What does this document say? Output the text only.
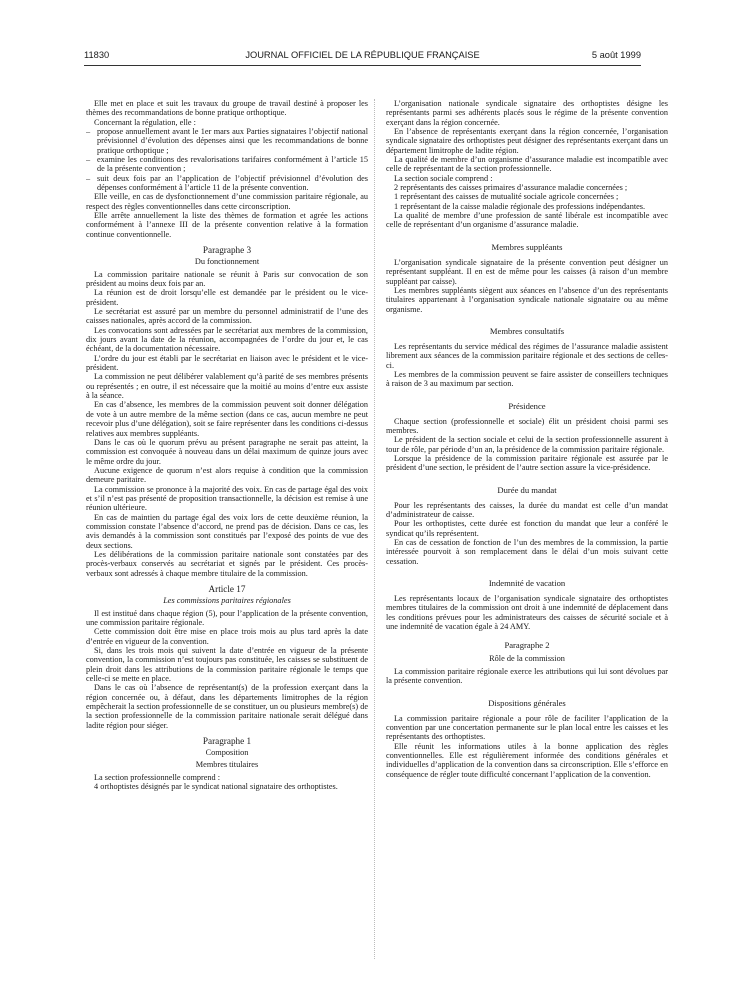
11830	JOURNAL OFFICIEL DE LA RÉPUBLIQUE FRANÇAISE	5 août 1999

Elle met en place et suit les travaux du groupe de travail destiné à proposer les thèmes des recommandations de bonne pratique orthoptique.

Concernant la régulation, elle :

– propose annuellement avant le 1er mars aux Parties signataires l’objectif national prévisionnel d’évolution des dépenses ainsi que les recommandations de bonne pratique orthoptique ;

– examine les conditions des revalorisations tarifaires conformément à l’article 15 de la présente convention ;

– suit deux fois par an l’application de l’objectif prévisionnel d’évolution des dépenses conformément à l’article 11 de la présente convention.

Elle veille, en cas de dysfonctionnement d’une commission paritaire régionale, au respect des règles conventionnelles dans cette circonscription.

Elle arrête annuellement la liste des thèmes de formation et agrée les actions conformément à l’annexe III de la présente convention relative à la formation continue conventionnelle.

Paragraphe 3
Du fonctionnement

La commission paritaire nationale se réunit à Paris sur convocation de son président au moins deux fois par an.

La réunion est de droit lorsqu’elle est demandée par le président ou le vice-président.

Le secrétariat est assuré par un membre du personnel administratif de l’une des caisses nationales, après accord de la commission.

Les convocations sont adressées par le secrétariat aux membres de la commission, dix jours avant la date de la réunion, accompagnées de l’ordre du jour et, le cas échéant, de la documentation nécessaire.

L’ordre du jour est établi par le secrétariat en liaison avec le président et le vice-président.

La commission ne peut délibérer valablement qu’à parité de ses membres présents ou représentés ; en outre, il est nécessaire que la moitié au moins d’entre eux assiste à la séance.

En cas d’absence, les membres de la commission peuvent soit donner délégation de vote à un autre membre de la même section (dans ce cas, aucun membre ne peut recevoir plus d’une délégation), soit se faire représenter dans les conditions ci-dessus relatives aux membres suppléants.

Dans le cas où le quorum prévu au présent paragraphe ne serait pas atteint, la commission est convoquée à nouveau dans un délai maximum de quinze jours avec le même ordre du jour.

Aucune exigence de quorum n’est alors requise à condition que la commission demeure paritaire.

La commission se prononce à la majorité des voix. En cas de partage égal des voix et s’il n’est pas présenté de proposition transactionnelle, la décision est remise à une réunion ultérieure.

En cas de maintien du partage égal des voix lors de cette deuxième réunion, la commission constate l’absence d’accord, ne prend pas de décision. Dans ce cas, les avis demandés à la commission sont constitués par l’exposé des points de vue des deux sections.

Les délibérations de la commission paritaire nationale sont constatées par des procès-verbaux conservés au secrétariat et signés par le président. Ces procès-verbaux sont adressés à chaque membre titulaire de la commission.

Article 17
Les commissions paritaires régionales

Il est institué dans chaque région (5), pour l’application de la présente convention, une commission paritaire régionale.

Cette commission doit être mise en place trois mois au plus tard après la date d’entrée en vigueur de la convention.

Si, dans les trois mois qui suivent la date d’entrée en vigueur de la présente convention, la commission n’est toujours pas constituée, les caisses se substituent de plein droit dans les attributions de la commission paritaire régionale le temps que celle-ci se mette en place.

Dans le cas où l’absence de représentant(s) de la profession exerçant dans la région concernée ou, à défaut, dans les départements limitrophes de la région empêcherait la section professionnelle de se constituer, un ou plusieurs membre(s) de la section professionnelle de la commission paritaire nationale serait délégué dans ladite région pour siéger.

Paragraphe 1
Composition
Membres titulaires

La section professionnelle comprend :

4 orthoptistes désignés par le syndicat national signataire des orthoptistes.

L’organisation nationale syndicale signataire des orthoptistes désigne les représentants parmi ses adhérents placés sous le régime de la présente convention exerçant dans la région concernée.

En l’absence de représentants exerçant dans la région concernée, l’organisation syndicale signataire des orthoptistes peut désigner des représentants exerçant dans un département limitrophe de ladite région.

La qualité de membre d’un organisme d’assurance maladie est incompatible avec celle de représentant de la section professionnelle.

La section sociale comprend :

2 représentants des caisses primaires d’assurance maladie concernées ;

1 représentant des caisses de mutualité sociale agricole concernées ;

1 représentant de la caisse maladie régionale des professions indépendantes.

La qualité de membre d’une profession de santé libérale est incompatible avec celle de représentant d’un organisme d’assurance maladie.

Membres suppléants

L’organisation syndicale signataire de la présente convention peut désigner un représentant suppléant. Il en est de même pour les caisses (à raison d’un membre suppléant par caisse).

Les membres suppléants siègent aux séances en l’absence d’un des représentants titulaires appartenant à l’organisation syndicale nationale signataire ou au même organisme.

Membres consultatifs

Les représentants du service médical des régimes de l’assurance maladie assistent librement aux séances de la commission paritaire régionale et des sections de celles-ci.

Les membres de la commission peuvent se faire assister de conseillers techniques à raison de 3 au maximum par section.

Présidence

Chaque section (professionnelle et sociale) élit un président choisi parmi ses membres.

Le président de la section sociale et celui de la section professionnelle assurent à tour de rôle, par période d’un an, la présidence de la commission paritaire régionale.

Lorsque la présidence de la commission paritaire régionale est assurée par le président d’une section, le président de l’autre section assure la vice-présidence.

Durée du mandat

Pour les représentants des caisses, la durée du mandat est celle d’un mandat d’administrateur de caisse.

Pour les orthoptistes, cette durée est fonction du mandat que leur a conféré le syndicat qu’ils représentent.

En cas de cessation de fonction de l’un des membres de la commission, la partie intéressée pourvoit à son remplacement dans le délai d’un mois suivant cette cessation.

Indemnité de vacation

Les représentants locaux de l’organisation syndicale signataire des orthoptistes membres titulaires de la commission ont droit à une indemnité de déplacement dans les conditions prévues pour les administrateurs des caisses de sécurité sociale et à une indemnité de vacation égale à 24 AMY.

Paragraphe 2
Rôle de la commission

La commission paritaire régionale exerce les attributions qui lui sont dévolues par la présente convention.

Dispositions générales

La commission paritaire régionale a pour rôle de faciliter l’application de la convention par une concertation permanente sur le plan local entre les caisses et les représentants des orthoptistes.

Elle réunit les informations utiles à la bonne application des règles conventionnelles. Elle est régulièrement informée des conditions générales et individuelles d’application de la convention dans sa circonscription. Elle s’efforce en conséquence de régler toute difficulté concernant l’application de la convention.
